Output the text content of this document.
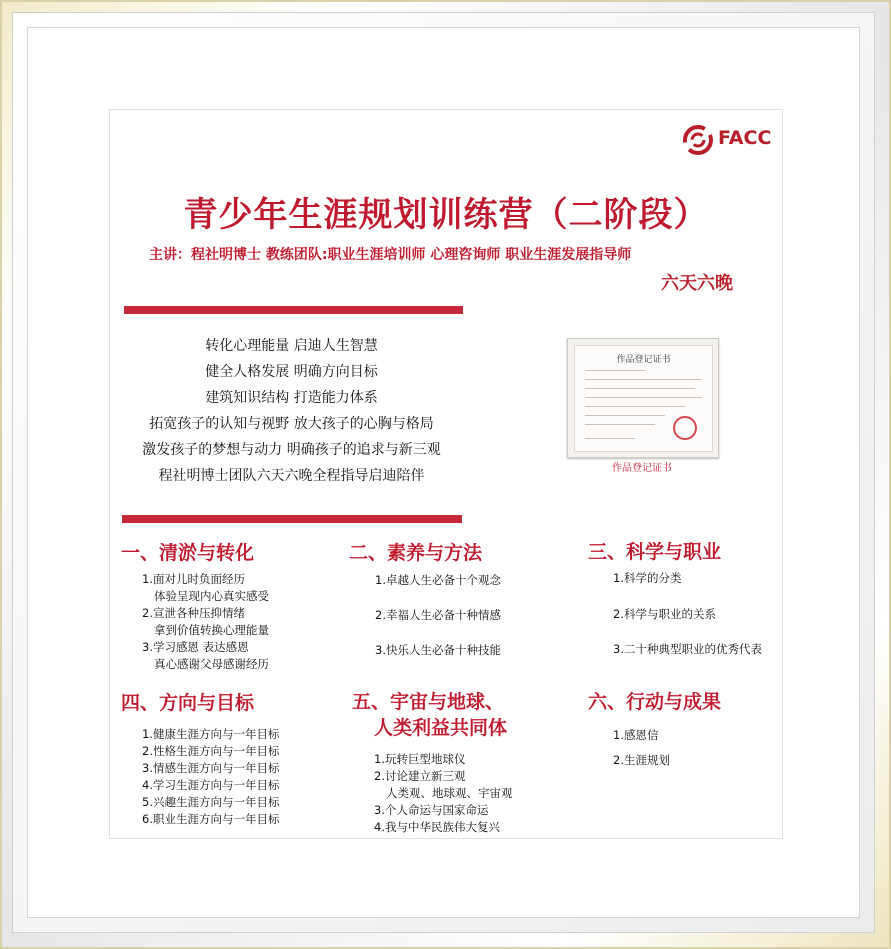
FACC
青少年生涯规划训练营（二阶段）
主讲：程社明博士 教练团队:职业生涯培训师 心理咨询师 职业生涯发展指导师
六天六晚
转化心理能量 启迪人生智慧
健全人格发展 明确方向目标
建筑知识结构 打造能力体系
拓宽孩子的认知与视野 放大孩子的心胸与格局
激发孩子的梦想与动力 明确孩子的追求与新三观
程社明博士团队六天六晚全程指导启迪陪伴
作品登记证书
作品登记证书
一、清淤与转化
1.面对儿时负面经历
体验呈现内心真实感受
2.宣泄各种压抑情绪
拿到价值转换心理能量
3.学习感恩 表达感恩
真心感谢父母感谢经历
二、素养与方法
1.卓越人生必备十个观念
2.幸福人生必备十种情感
3.快乐人生必备十种技能
三、科学与职业
1.科学的分类
2.科学与职业的关系
3.二十种典型职业的优秀代表
四、方向与目标
1.健康生涯方向与一年目标
2.性格生涯方向与一年目标
3.情感生涯方向与一年目标
4.学习生涯方向与一年目标
5.兴趣生涯方向与一年目标
6.职业生涯方向与一年目标
五、宇宙与地球、
人类利益共同体
1.玩转巨型地球仪
2.讨论建立新三观
人类观、地球观、宇宙观
3.个人命运与国家命运
4.我与中华民族伟大复兴
六、行动与成果
1.感恩信
2.生涯规划
